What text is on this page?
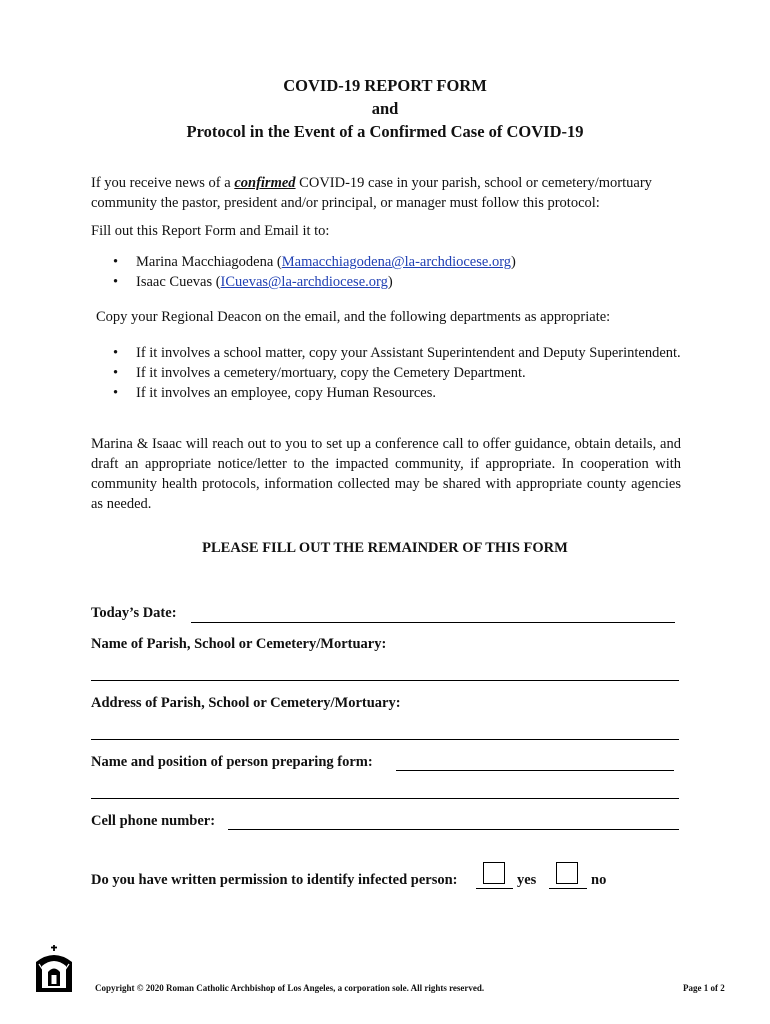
COVID-19 REPORT FORM
and
Protocol in the Event of a Confirmed Case of COVID-19
If you receive news of a confirmed COVID-19 case in your parish, school or cemetery/mortuary community the pastor, president and/or principal, or manager must follow this protocol:
Fill out this Report Form and Email it to:
• Marina Macchiagodena (Mamacchiagodena@la-archdiocese.org)
• Isaac Cuevas (ICuevas@la-archdiocese.org)
Copy your Regional Deacon on the email, and the following departments as appropriate:
• If it involves a school matter, copy your Assistant Superintendent and Deputy Superintendent.
• If it involves a cemetery/mortuary, copy the Cemetery Department.
• If it involves an employee, copy Human Resources.
Marina & Isaac will reach out to you to set up a conference call to offer guidance, obtain details, and draft an appropriate notice/letter to the impacted community, if appropriate. In cooperation with community health protocols, information collected may be shared with appropriate county agencies as needed.
PLEASE FILL OUT THE REMAINDER OF THIS FORM
Today’s Date:
Name of Parish, School or Cemetery/Mortuary:
Address of Parish, School or Cemetery/Mortuary:
Name and position of person preparing form:
Cell phone number:
Do you have written permission to identify infected person:	yes	no
Copyright © 2020 Roman Catholic Archbishop of Los Angeles, a corporation sole. All rights reserved.	Page 1 of 2
